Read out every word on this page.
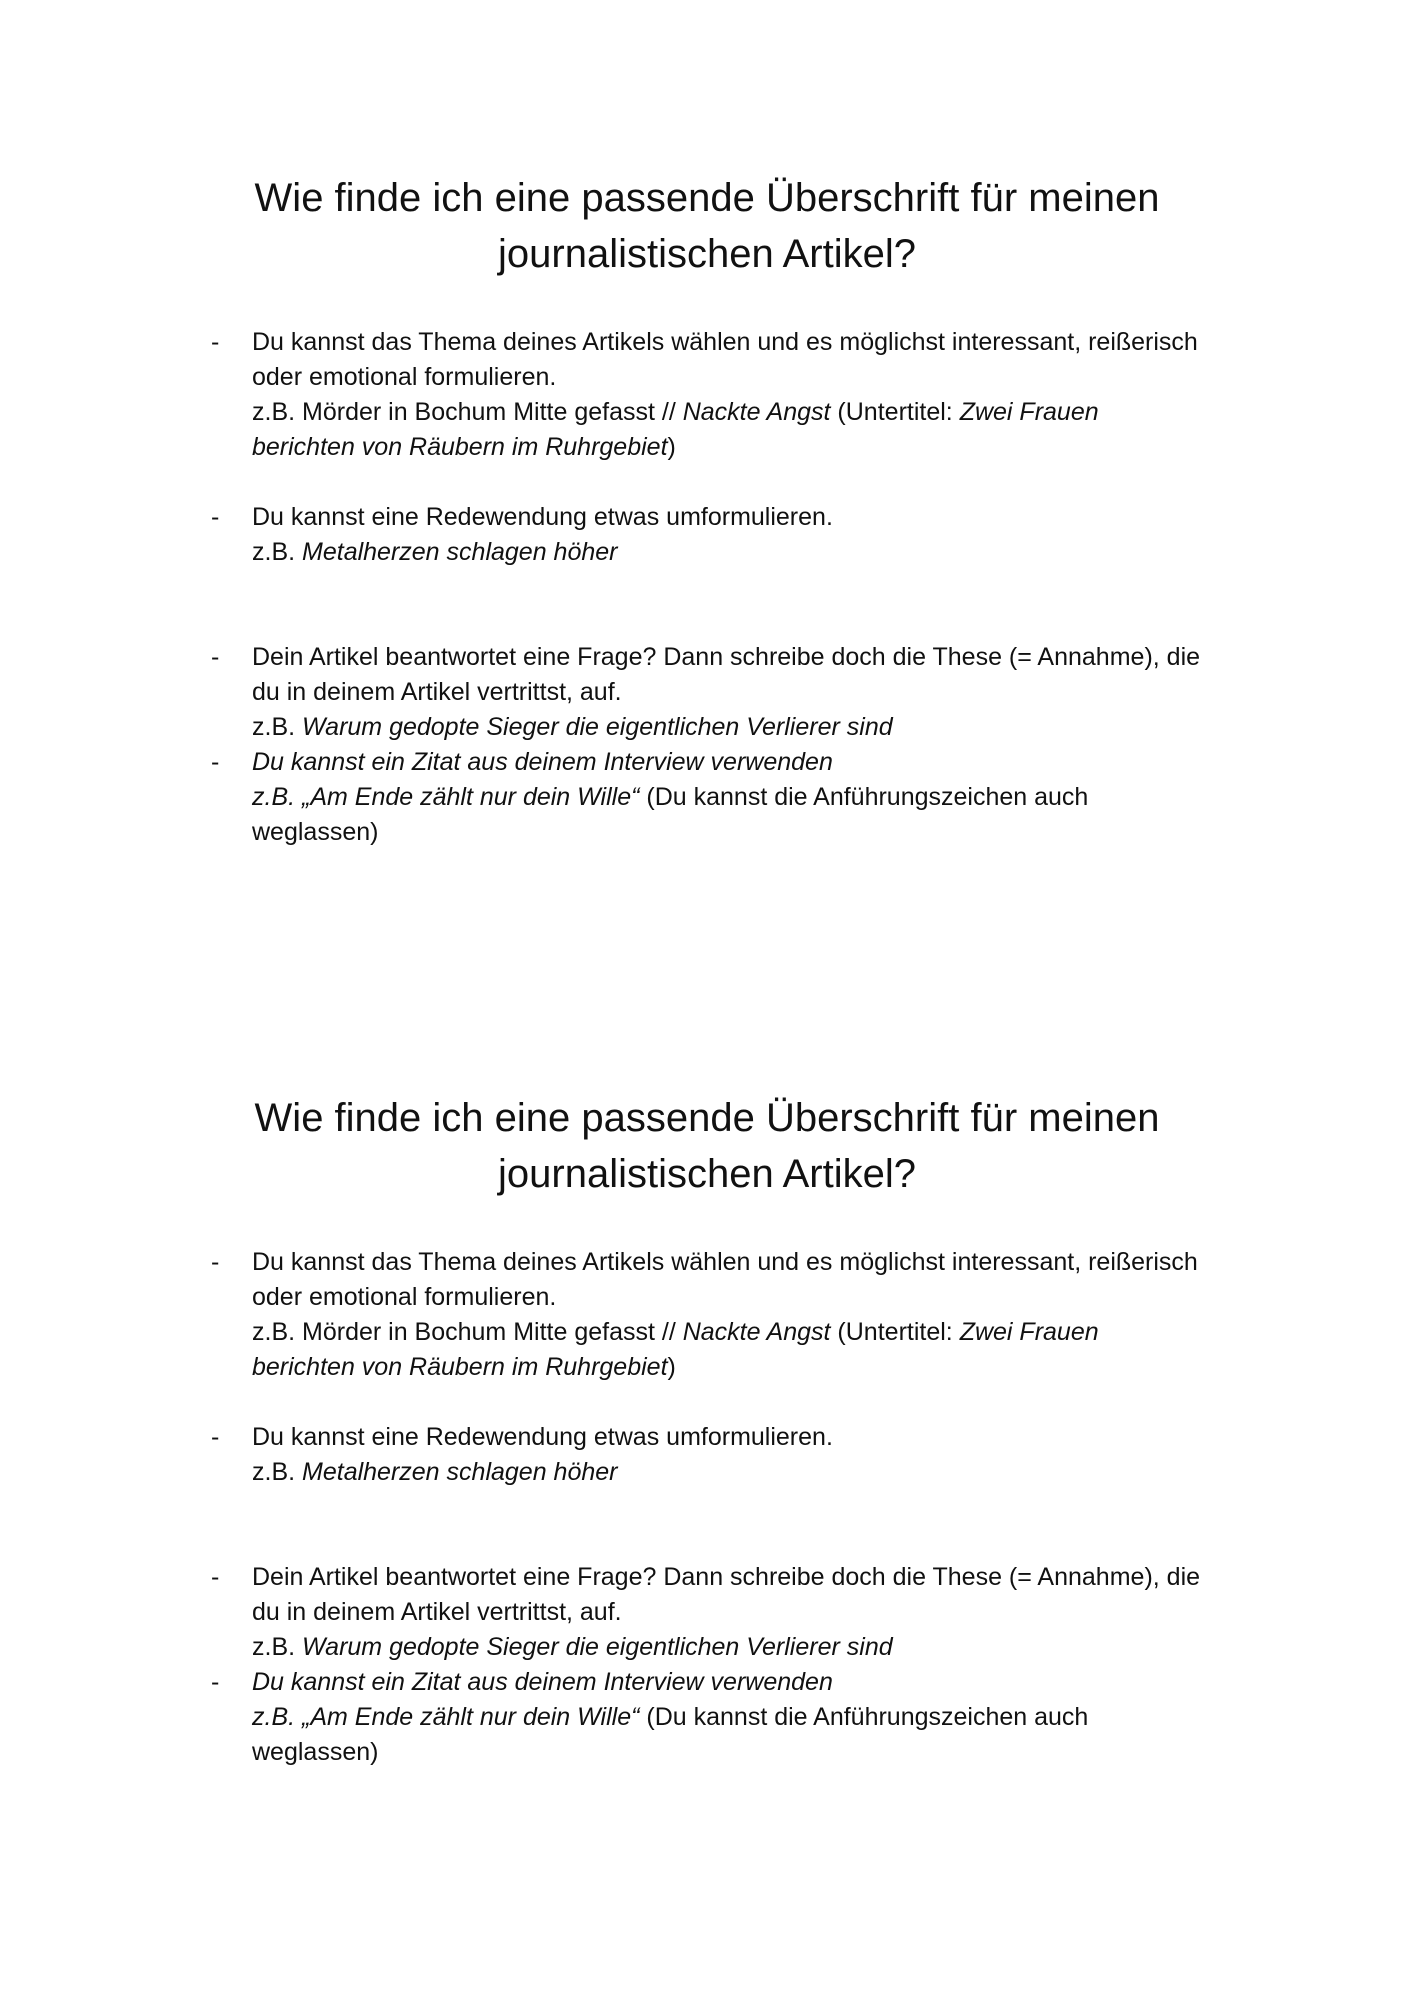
Wie finde ich eine passende Überschrift für meinen
journalistischen Artikel?
- Du kannst das Thema deines Artikels wählen und es möglichst interessant, reißerisch
oder emotional formulieren.
z.B. Mörder in Bochum Mitte gefasst // Nackte Angst (Untertitel: Zwei Frauen
berichten von Räubern im Ruhrgebiet)
- Du kannst eine Redewendung etwas umformulieren.
z.B. Metalherzen schlagen höher
- Dein Artikel beantwortet eine Frage? Dann schreibe doch die These (= Annahme), die
du in deinem Artikel vertrittst, auf.
z.B. Warum gedopte Sieger die eigentlichen Verlierer sind
- Du kannst ein Zitat aus deinem Interview verwenden
z.B. „Am Ende zählt nur dein Wille“ (Du kannst die Anführungszeichen auch
weglassen)
Wie finde ich eine passende Überschrift für meinen
journalistischen Artikel?
- Du kannst das Thema deines Artikels wählen und es möglichst interessant, reißerisch
oder emotional formulieren.
z.B. Mörder in Bochum Mitte gefasst // Nackte Angst (Untertitel: Zwei Frauen
berichten von Räubern im Ruhrgebiet)
- Du kannst eine Redewendung etwas umformulieren.
z.B. Metalherzen schlagen höher
- Dein Artikel beantwortet eine Frage? Dann schreibe doch die These (= Annahme), die
du in deinem Artikel vertrittst, auf.
z.B. Warum gedopte Sieger die eigentlichen Verlierer sind
- Du kannst ein Zitat aus deinem Interview verwenden
z.B. „Am Ende zählt nur dein Wille“ (Du kannst die Anführungszeichen auch
weglassen)
